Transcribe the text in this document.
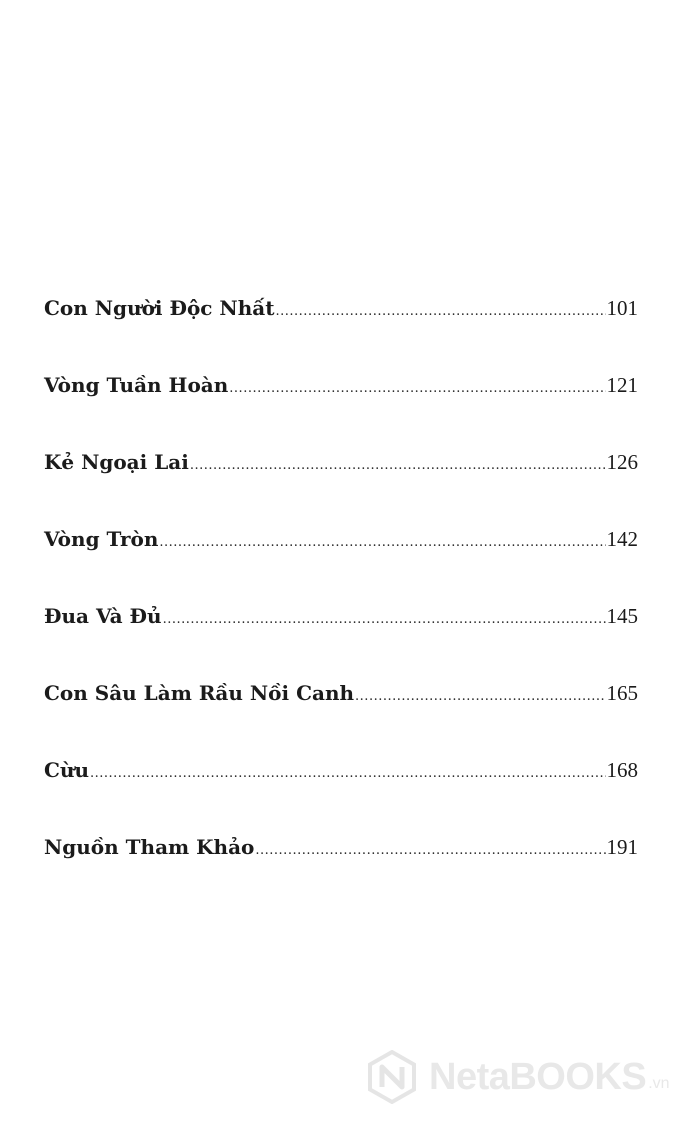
Con Người Độc Nhất .....	101
Vòng Tuần Hoàn .....	121
Kẻ Ngoại Lai .....	126
Vòng Tròn .....	142
Đua Và Đủ .....	145
Con Sâu Làm Rầu Nồi Canh .....	165
Cừu .....	168
Nguồn Tham Khảo .....	191
NetaBOOKS .vn
